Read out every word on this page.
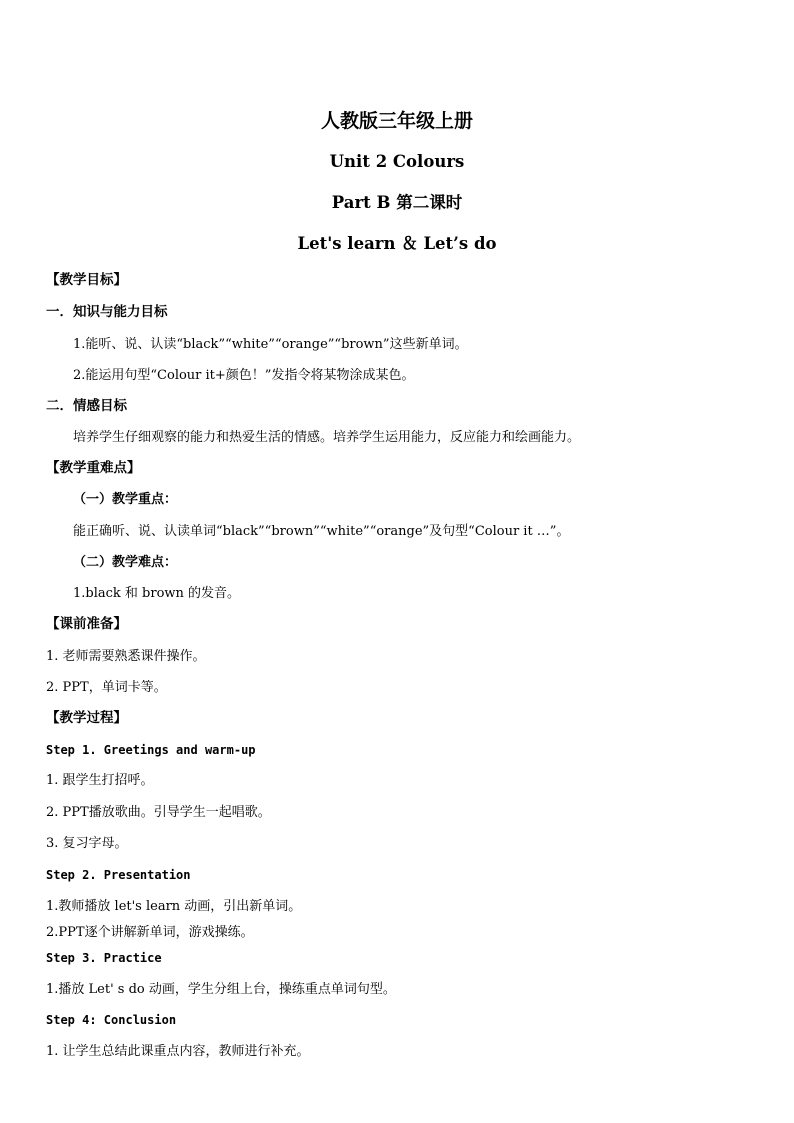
人教版三年级上册
Unit 2 Colours
Part B 第二课时
Let's learn ＆ Let’s do
【教学目标】
一．知识与能力目标
1.能听、说、认读“black”“white”“orange”“brown”这些新单词。
2.能运用句型“Colour it+颜色！”发指令将某物涂成某色。
二．情感目标
培养学生仔细观察的能力和热爱生活的情感。培养学生运用能力，反应能力和绘画能力。
【教学重难点】
（一）教学重点：
能正确听、说、认读单词“black”“brown”“white”“orange”及句型“Colour it …”。
（二）教学难点：
1.black 和 brown 的发音。
【课前准备】
1. 老师需要熟悉课件操作。
2. PPT，单词卡等。
【教学过程】
Step 1. Greetings and warm-up
1. 跟学生打招呼。
2. PPT播放歌曲。引导学生一起唱歌。
3. 复习字母。
Step 2. Presentation
1.教师播放 let's learn 动画，引出新单词。
2.PPT逐个讲解新单词，游戏操练。
Step 3. Practice
1.播放 Let' s do 动画，学生分组上台，操练重点单词句型。
Step 4: Conclusion
1. 让学生总结此课重点内容，教师进行补充。
